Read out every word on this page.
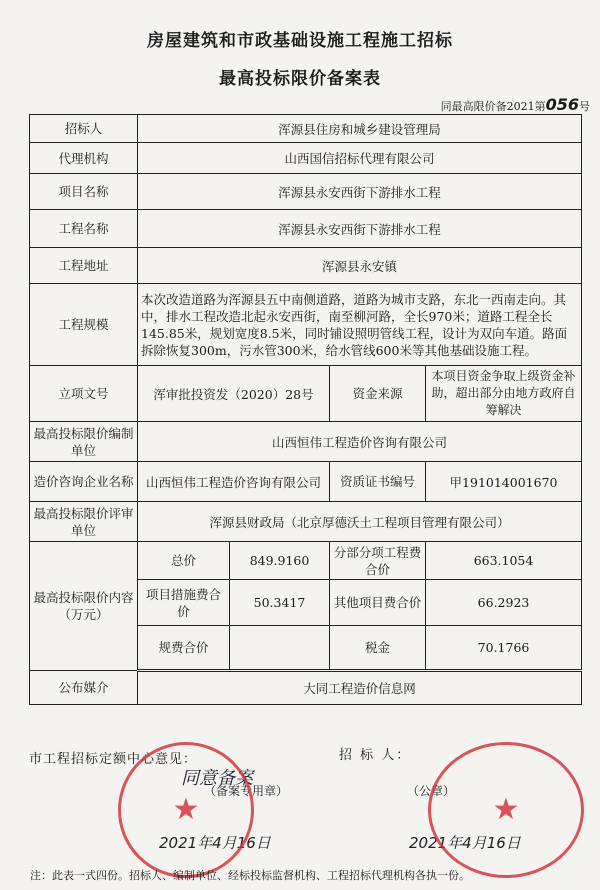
房屋建筑和市政基础设施工程施工招标
最高投标限价备案表
同最高限价备2021第056号
招标人	浑源县住房和城乡建设管理局			
代理机构	山西国信招标代理有限公司			
项目名称	浑源县永安西街下游排水工程			
工程名称	浑源县永安西街下游排水工程			
工程地址	浑源县永安镇			
工程规模	本次改造道路为浑源县五中南侧道路，道路为城市支路，东北一西南走向。其中，排水工程改造北起永安西街，南至柳河路，全长970米；道路工程全长145.85米，规划宽度8.5米，同时铺设照明管线工程，设计为双向车道。路面拆除恢复300m，污水管300米，给水管线600米等其他基础设施工程。			
立项文号	浑审批投资发（2020）28号		资金来源	本项目资金争取上级资金补助，超出部分由地方政府自筹解决
最高投标限价编制单位	山西恒伟工程造价咨询有限公司			
造价咨询企业名称	山西恒伟工程造价咨询有限公司		资质证书编号	甲191014001670
最高投标限价评审单位	浑源县财政局（北京厚德沃土工程项目管理有限公司）			
最高投标限价内容（万元）	总价	849.9160	分部分项工程费合价	663.1054
	项目措施费合价	50.3417	其他项目费合价	66.2923
	规费合价		税金	70.1766
公布媒介	大同工程造价信息网			
市工程招标定额中心意见：	招 标 人：
同意备案
（备案专用章）	（公章）
2021年4月16日	2021年4月16日
★	★
注：此表一式四份。招标人、编制单位、经标投标监督机构、工程招标代理机构各执一份。
